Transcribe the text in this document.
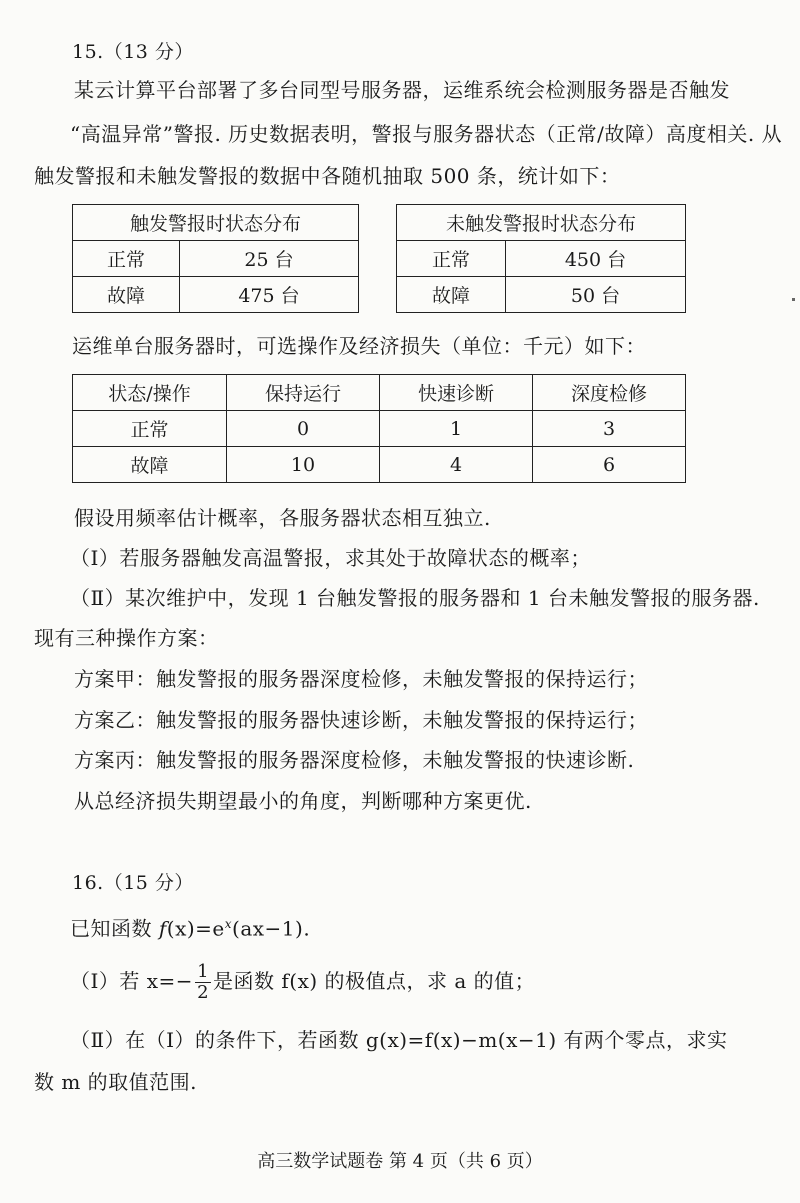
15.（13 分）
某云计算平台部署了多台同型号服务器，运维系统会检测服务器是否触发
“高温异常”警报. 历史数据表明，警报与服务器状态（正常/故障）高度相关. 从
触发警报和未触发警报的数据中各随机抽取 500 条，统计如下：
触发警报时状态分布	
正常	25 台
故障	475 台
未触发警报时状态分布	
正常	450 台
故障	50 台
运维单台服务器时，可选操作及经济损失（单位：千元）如下：
状态/操作	保持运行	快速诊断	深度检修
正常	0	1	3
故障	10	4	6
假设用频率估计概率，各服务器状态相互独立.
（Ⅰ）若服务器触发高温警报，求其处于故障状态的概率；
（Ⅱ）某次维护中，发现 1 台触发警报的服务器和 1 台未触发警报的服务器.
现有三种操作方案：
方案甲：触发警报的服务器深度检修，未触发警报的保持运行；
方案乙：触发警报的服务器快速诊断，未触发警报的保持运行；
方案丙：触发警报的服务器深度检修，未触发警报的快速诊断.
从总经济损失期望最小的角度，判断哪种方案更优.
16.（15 分）
已知函数 $f(x)=e^x(ax-1)$.
（Ⅰ）若 $x=- \frac{1}{2}$ 是函数 f(x) 的极值点，求 a 的值；
（Ⅱ）在（Ⅰ）的条件下，若函数 g(x)=f(x)−m(x−1) 有两个零点，求实
数 m 的取值范围.
高三数学试题卷 第 4 页（共 6 页）
